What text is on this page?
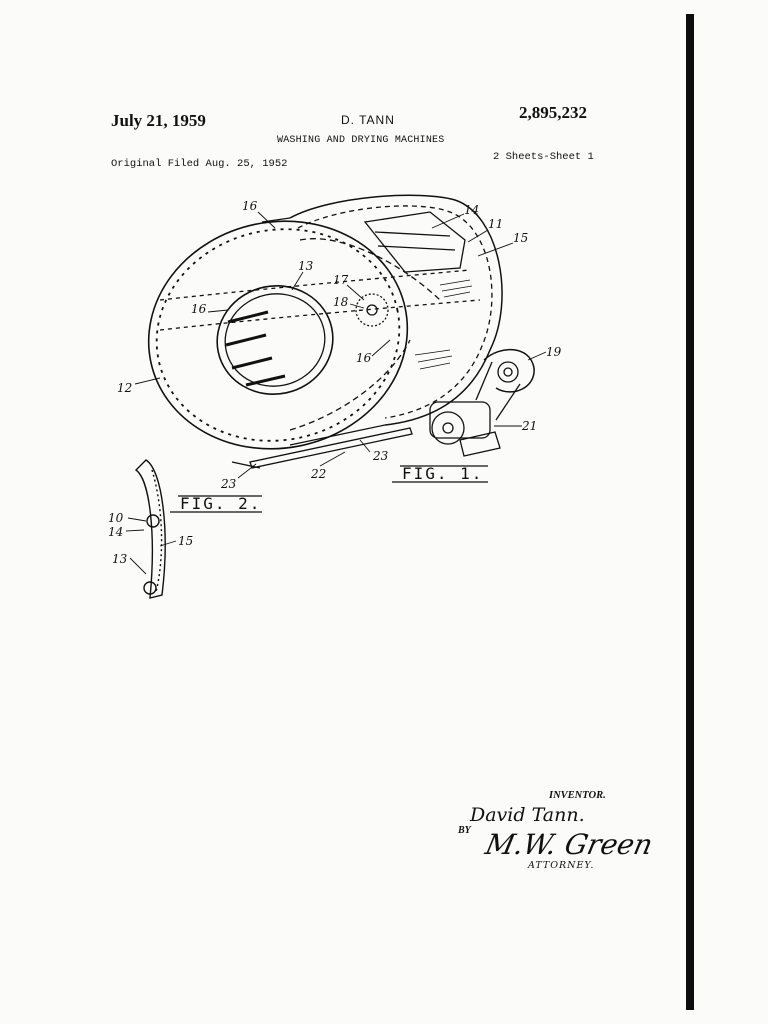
July 21, 1959	D. TANN	2,895,232
WASHING AND DRYING MACHINES
Original Filed Aug. 25, 1952
2 Sheets-Sheet 1
16	14
11
15
13
17
18
16
16
12
19
21
23
22
23
10
14
15
13
FIG. 1.
FIG. 2.
INVENTOR.
David Tann.
BY M.W. Green
ATTORNEY.
